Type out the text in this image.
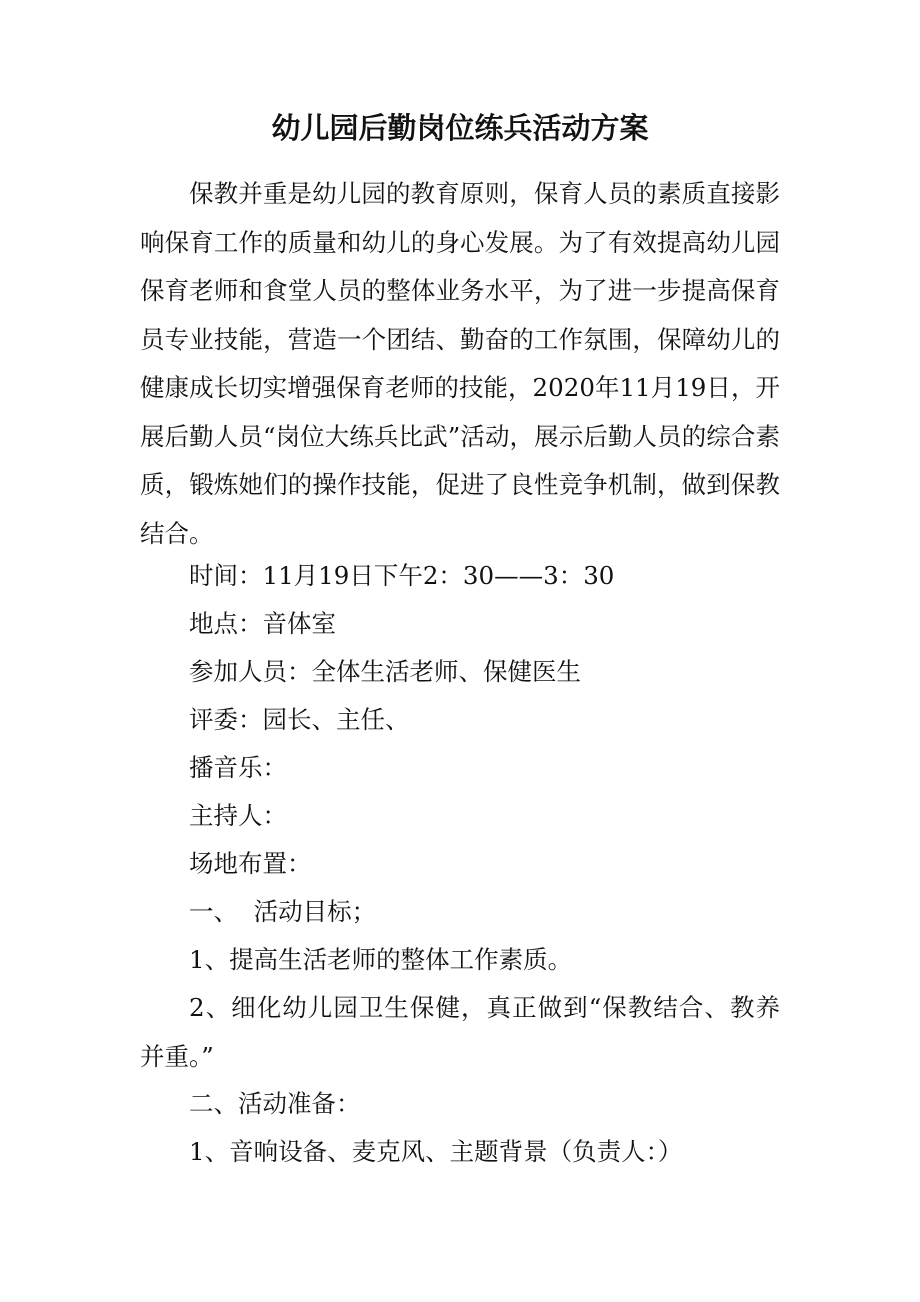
幼儿园后勤岗位练兵活动方案

保教并重是幼儿园的教育原则，保育人员的素质直接影响保育工作的质量和幼儿的身心发展。为了有效提高幼儿园保育老师和食堂人员的整体业务水平，为了进一步提高保育员专业技能，营造一个团结、勤奋的工作氛围，保障幼儿的健康成长切实增强保育老师的技能，2020年11月19日，开展后勤人员“岗位大练兵比武”活动，展示后勤人员的综合素质，锻炼她们的操作技能，促进了良性竞争机制，做到保教结合。

时间：11月19日下午2：30——3：30

地点：音体室

参加人员：全体生活老师、保健医生

评委：园长、主任、

播音乐：

主持人：

场地布置：

一、  活动目标；

1、提高生活老师的整体工作素质。

2、细化幼儿园卫生保健，真正做到“保教结合、教养并重。”

二、活动准备：

1、音响设备、麦克风、主题背景（负责人：）
